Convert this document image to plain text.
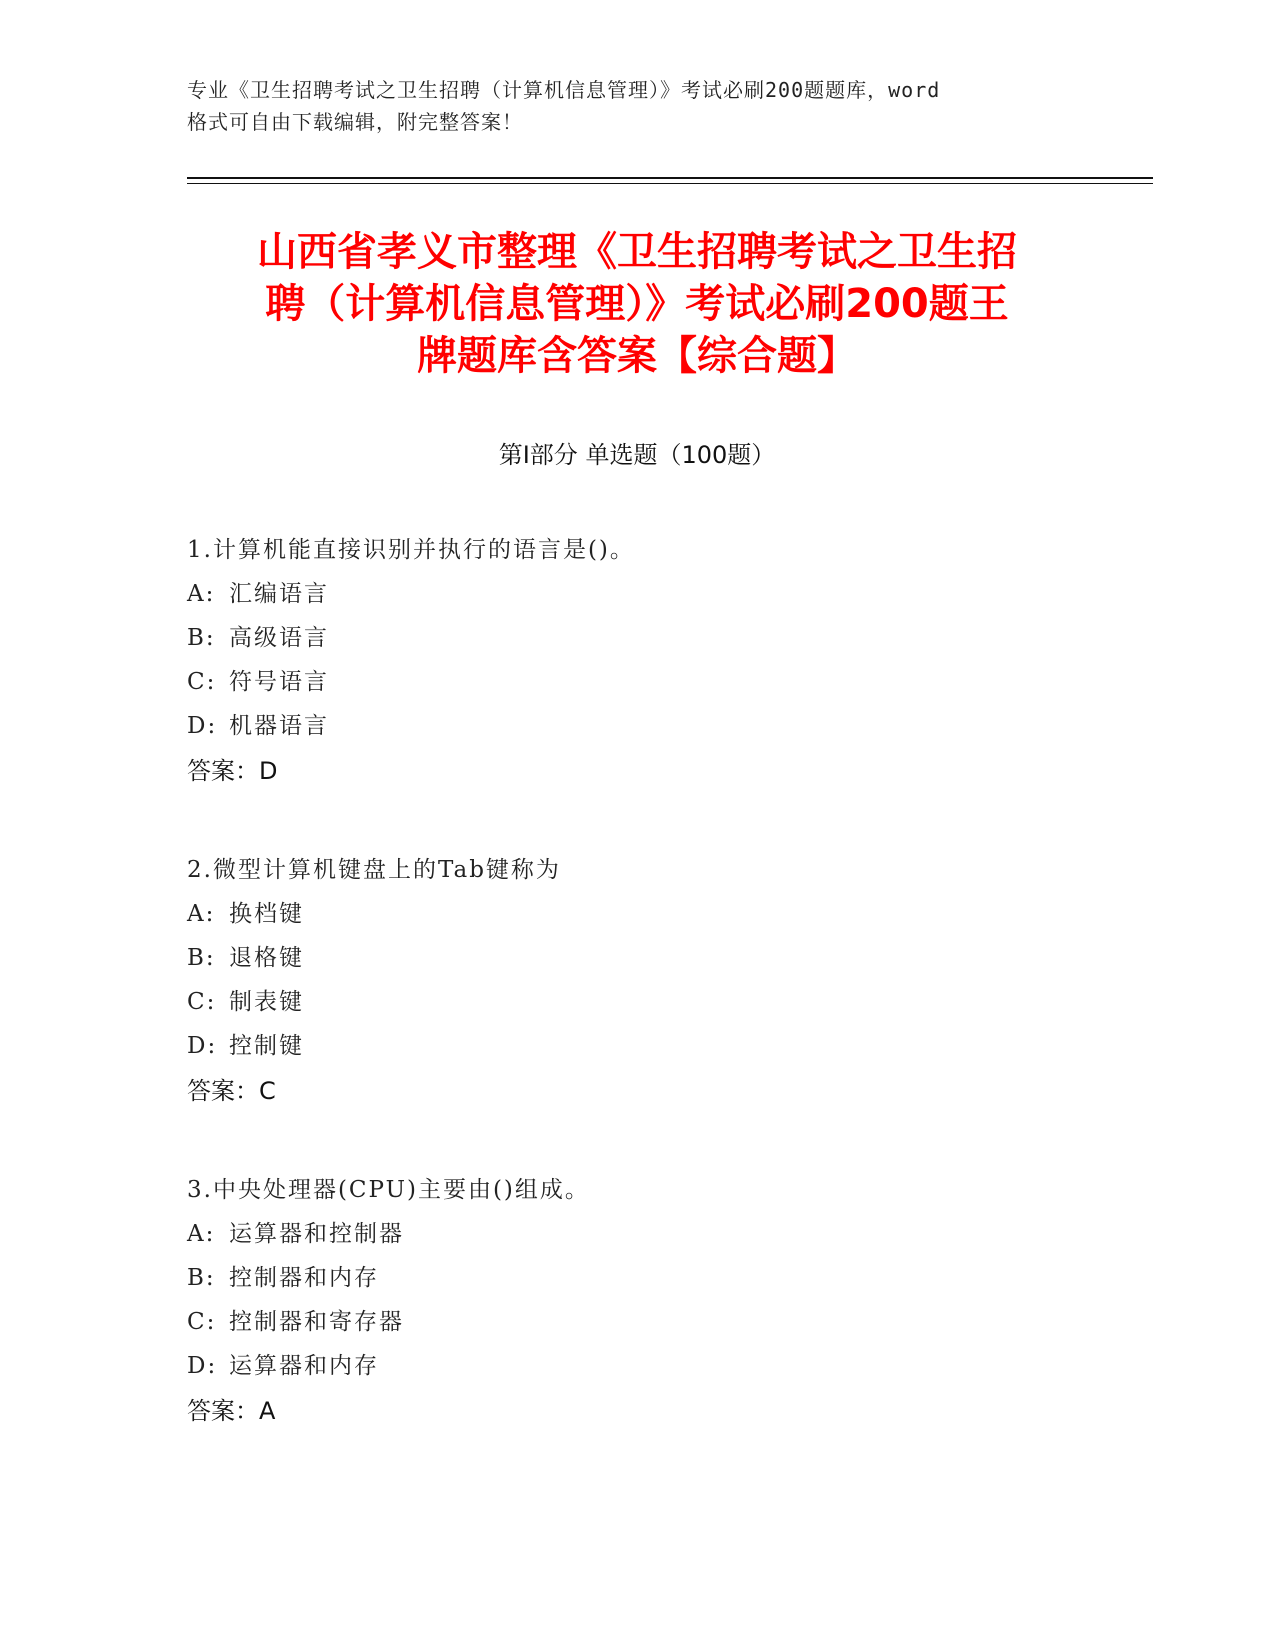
专业《卫生招聘考试之卫生招聘（计算机信息管理）》考试必刷200题题库，word
格式可自由下载编辑，附完整答案！
山西省孝义市整理《卫生招聘考试之卫生招
聘（计算机信息管理）》考试必刷200题王
牌题库含答案【综合题】
第I部分 单选题（100题）
1.计算机能直接识别并执行的语言是()。
A: 汇编语言
B: 高级语言
C: 符号语言
D: 机器语言
答案：D
2.微型计算机键盘上的Tab键称为
A: 换档键
B: 退格键
C: 制表键
D: 控制键
答案：C
3.中央处理器(CPU)主要由()组成。
A: 运算器和控制器
B: 控制器和内存
C: 控制器和寄存器
D: 运算器和内存
答案：A
